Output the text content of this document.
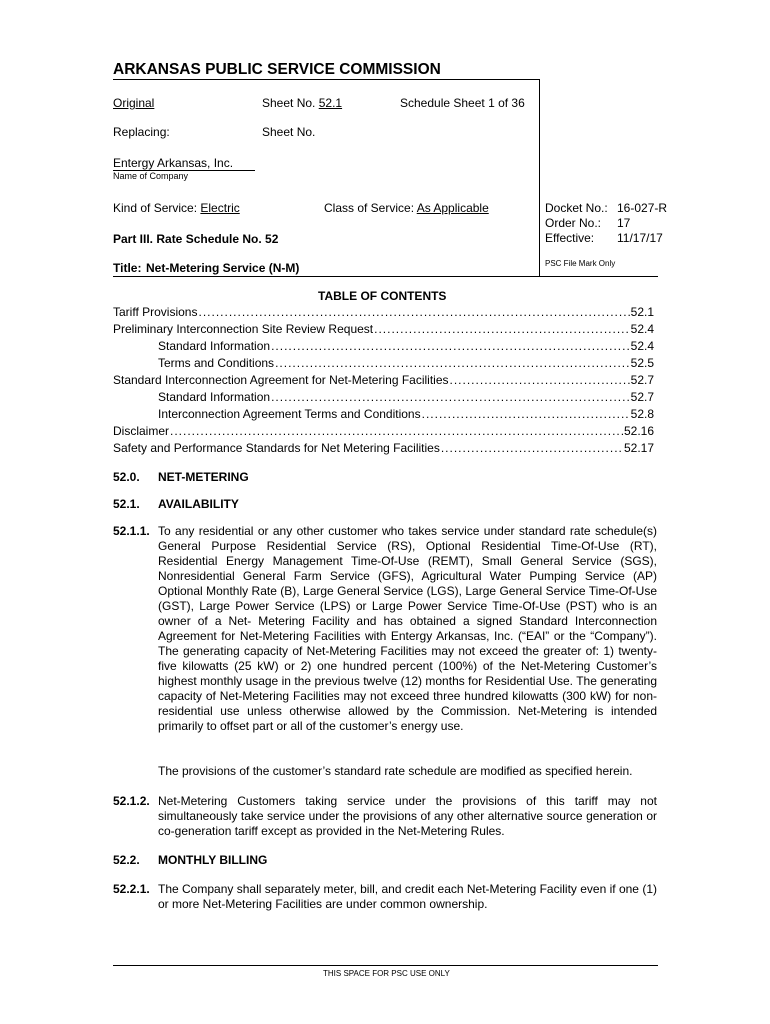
ARKANSAS PUBLIC SERVICE COMMISSION
Original	Sheet No. 52.1	Schedule Sheet 1 of 36
Replacing:	Sheet No.
Entergy Arkansas, Inc.
Name of Company
Kind of Service: Electric	Class of Service: As Applicable
Part III. Rate Schedule No. 52
Title: Net-Metering Service (N-M)
Docket No.: 16-027-R
Order No.: 17
Effective: 11/17/17
PSC File Mark Only
TABLE OF CONTENTS
Tariff Provisions .....	52.1
Preliminary Interconnection Site Review Request .....	52.4
Standard Information .....	52.4
Terms and Conditions .....	52.5
Standard Interconnection Agreement for Net-Metering Facilities .....	52.7
Standard Information .....	52.7
Interconnection Agreement Terms and Conditions .....	52.8
Disclaimer .....	52.16
Safety and Performance Standards for Net Metering Facilities .....	52.17
52.0. NET-METERING
52.1. AVAILABILITY
52.1.1. To any residential or any other customer who takes service under standard rate schedule(s) General Purpose Residential Service (RS), Optional Residential Time-Of-Use (RT), Residential Energy Management Time-Of-Use (REMT), Small General Service (SGS), Nonresidential General Farm Service (GFS), Agricultural Water Pumping Service (AP) Optional Monthly Rate (B), Large General Service (LGS), Large General Service Time-Of-Use (GST), Large Power Service (LPS) or Large Power Service Time-Of-Use (PST) who is an owner of a Net- Metering Facility and has obtained a signed Standard Interconnection Agreement for Net-Metering Facilities with Entergy Arkansas, Inc. (“EAI” or the “Company”). The generating capacity of Net-Metering Facilities may not exceed the greater of: 1) twenty-five kilowatts (25 kW) or 2) one hundred percent (100%) of the Net-Metering Customer’s highest monthly usage in the previous twelve (12) months for Residential Use. The generating capacity of Net-Metering Facilities may not exceed three hundred kilowatts (300 kW) for non-residential use unless otherwise allowed by the Commission. Net-Metering is intended primarily to offset part or all of the customer’s energy use.
The provisions of the customer’s standard rate schedule are modified as specified herein.
52.1.2. Net-Metering Customers taking service under the provisions of this tariff may not simultaneously take service under the provisions of any other alternative source generation or co-generation tariff except as provided in the Net-Metering Rules.
52.2. MONTHLY BILLING
52.2.1. The Company shall separately meter, bill, and credit each Net-Metering Facility even if one (1) or more Net-Metering Facilities are under common ownership.
THIS SPACE FOR PSC USE ONLY
